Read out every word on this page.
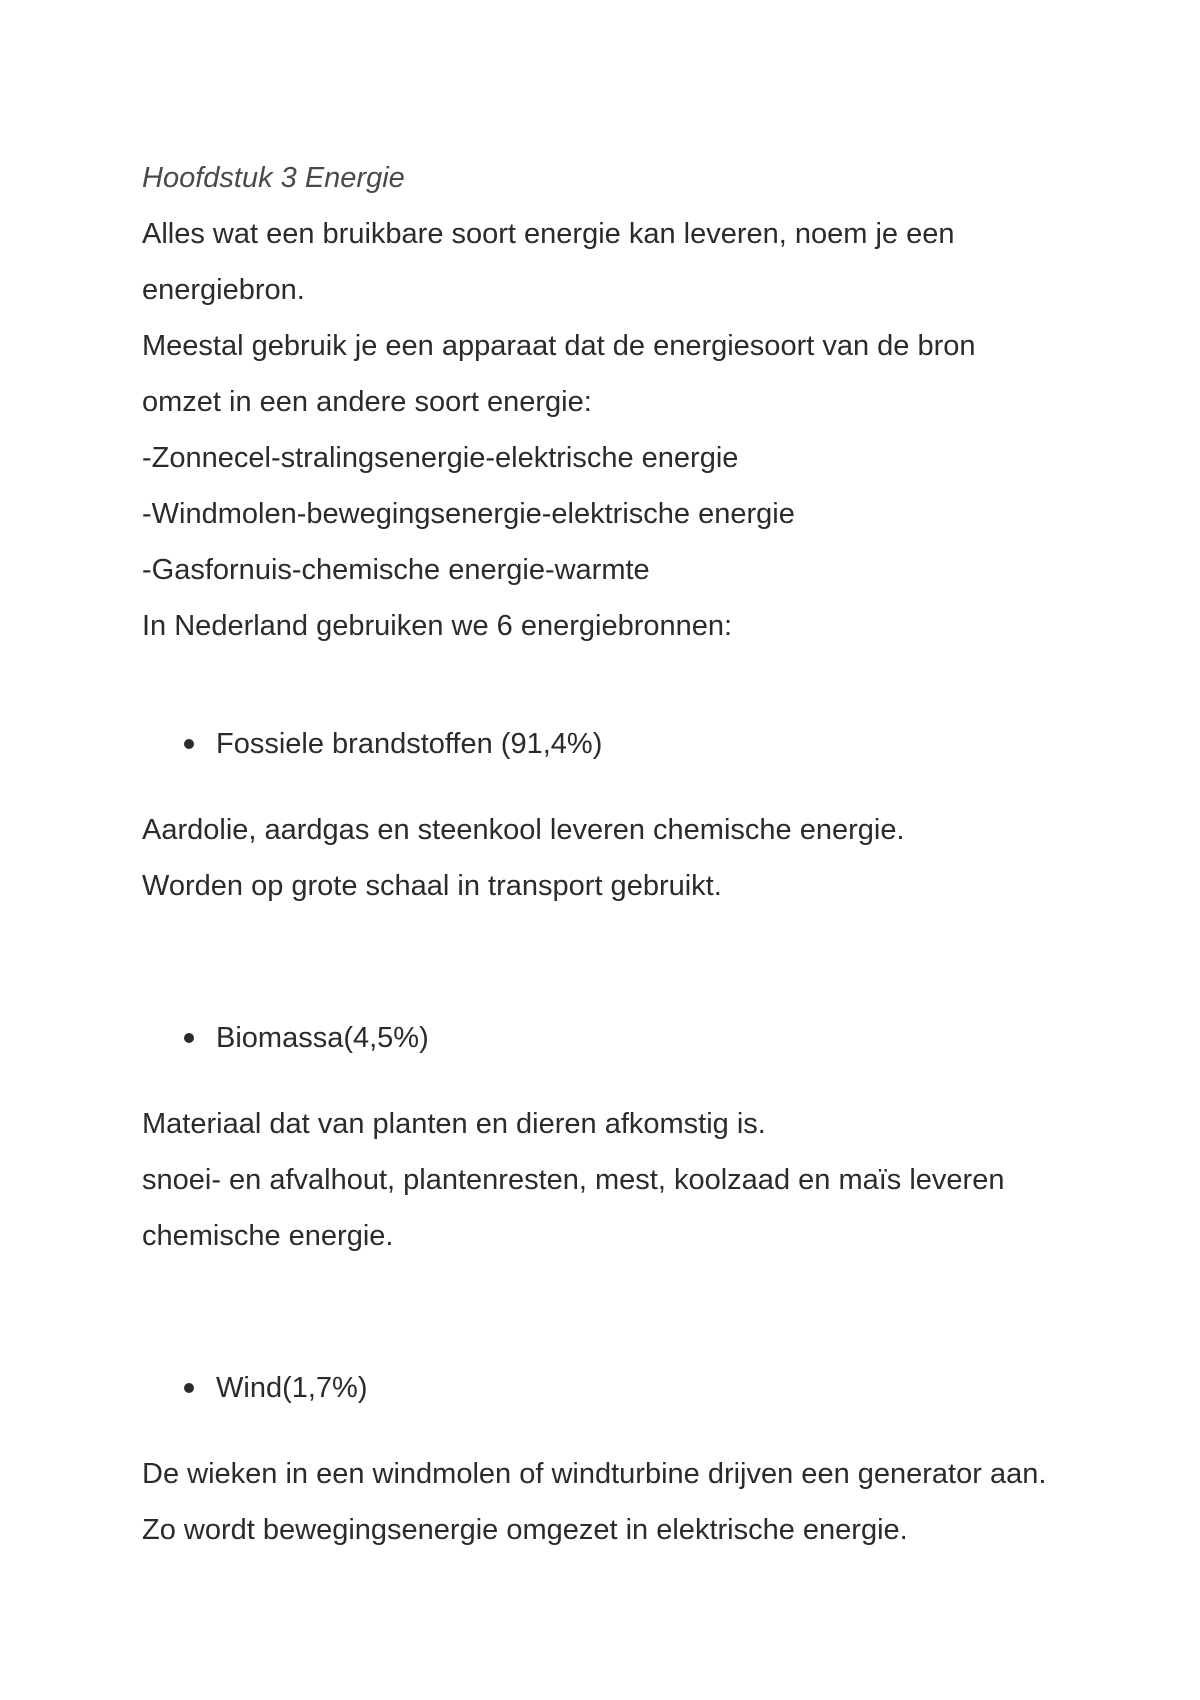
Hoofdstuk 3 Energie
Alles wat een bruikbare soort energie kan leveren, noem je een
energiebron.
Meestal gebruik je een apparaat dat de energiesoort van de bron
omzet in een andere soort energie:
-Zonnecel-stralingsenergie-elektrische energie
-Windmolen-bewegingsenergie-elektrische energie
-Gasfornuis-chemische energie-warmte
In Nederland gebruiken we 6 energiebronnen:
Fossiele brandstoffen (91,4%)
Aardolie, aardgas en steenkool leveren chemische energie.
Worden op grote schaal in transport gebruikt.
Biomassa(4,5%)
Materiaal dat van planten en dieren afkomstig is.
snoei- en afvalhout, plantenresten, mest, koolzaad en maïs leveren
chemische energie.
Wind(1,7%)
De wieken in een windmolen of windturbine drijven een generator aan.
Zo wordt bewegingsenergie omgezet in elektrische energie.
